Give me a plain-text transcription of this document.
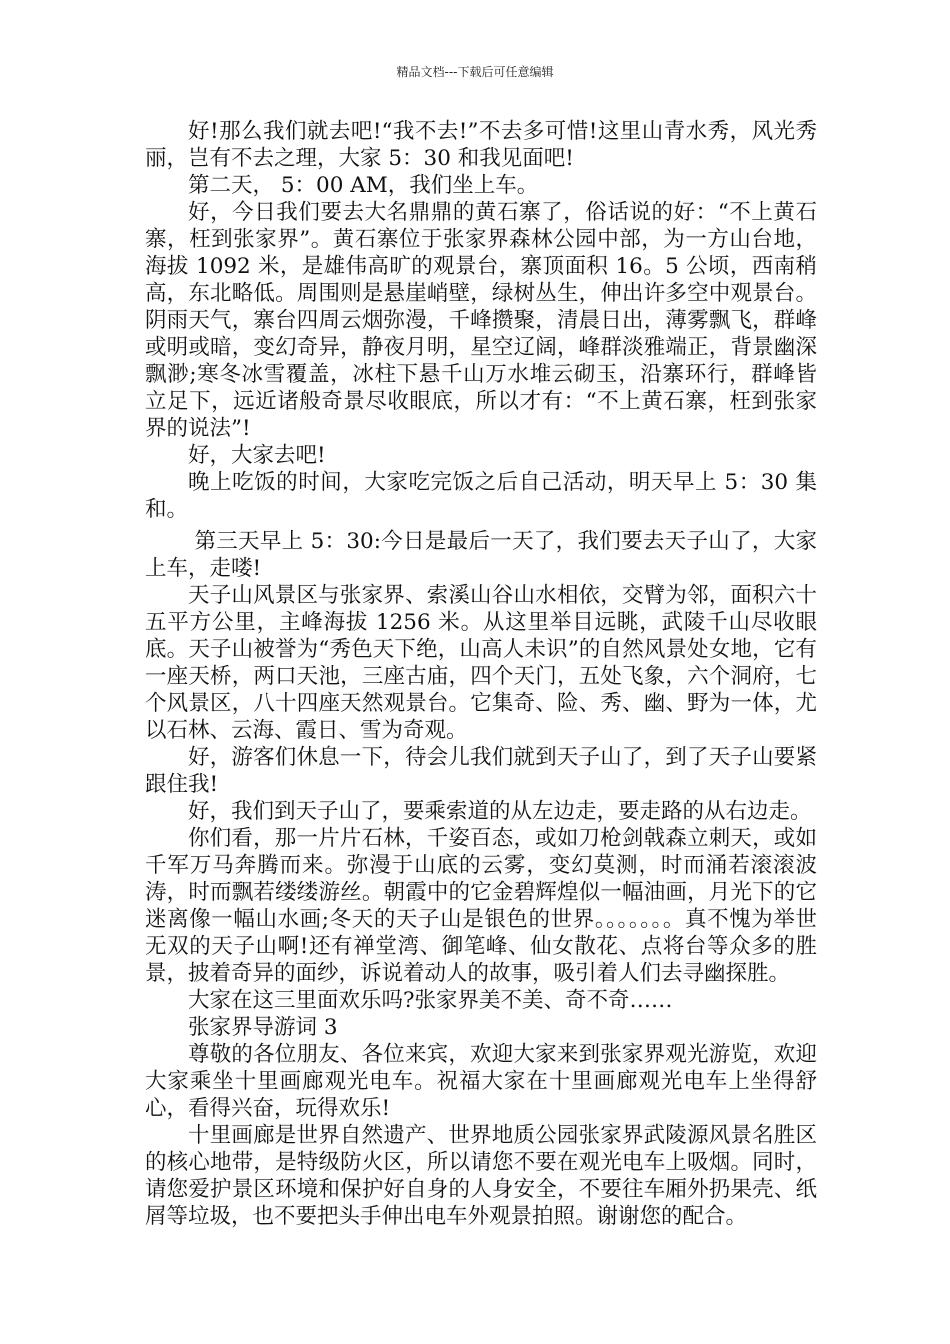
精品文档---下载后可任意编辑

好!那么我们就去吧!“我不去!”不去多可惜!这里山青水秀，风光秀丽，岂有不去之理，大家 5：30 和我见面吧!

第二天， 5：00 AM，我们坐上车。

好，今日我们要去大名鼎鼎的黄石寨了，俗话说的好：“不上黄石寨，枉到张家界”。黄石寨位于张家界森林公园中部，为一方山台地，海拔 1092 米，是雄伟高旷的观景台，寨顶面积 16。5 公顷，西南稍高，东北略低。周围则是悬崖峭壁，绿树丛生，伸出许多空中观景台。阴雨天气，寨台四周云烟弥漫，千峰攒聚，清晨日出，薄雾飘飞，群峰或明或暗，变幻奇异，静夜月明，星空辽阔，峰群淡雅端正，背景幽深飘渺;寒冬冰雪覆盖，冰柱下悬千山万水堆云砌玉，沿寨环行，群峰皆立足下，远近诸般奇景尽收眼底，所以才有：“不上黄石寨，枉到张家界的说法”!

好，大家去吧!

晚上吃饭的时间，大家吃完饭之后自己活动，明天早上 5：30 集和。

第三天早上 5：30:今日是最后一天了，我们要去天子山了，大家上车，走喽!

天子山风景区与张家界、索溪山谷山水相依，交臂为邻，面积六十五平方公里，主峰海拔 1256 米。从这里举目远眺，武陵千山尽收眼底。天子山被誉为“秀色天下绝，山高人未识”的自然风景处女地，它有一座天桥，两口天池，三座古庙，四个天门，五处飞象，六个洞府，七个风景区，八十四座天然观景台。它集奇、险、秀、幽、野为一体，尤以石林、云海、霞日、雪为奇观。

好，游客们休息一下，待会儿我们就到天子山了，到了天子山要紧跟住我!

好，我们到天子山了，要乘索道的从左边走，要走路的从右边走。

你们看，那一片片石林，千姿百态，或如刀枪剑戟森立刺天，或如千军万马奔腾而来。弥漫于山底的云雾，变幻莫测，时而涌若滚滚波涛，时而飘若缕缕游丝。朝霞中的它金碧辉煌似一幅油画，月光下的它迷离像一幅山水画;冬天的天子山是银色的世界。。。。。。。真不愧为举世无双的天子山啊!还有禅堂湾、御笔峰、仙女散花、点将台等众多的胜景，披着奇异的面纱，诉说着动人的故事，吸引着人们去寻幽探胜。

大家在这三里面欢乐吗?张家界美不美、奇不奇……

张家界导游词 3

尊敬的各位朋友、各位来宾，欢迎大家来到张家界观光游览，欢迎大家乘坐十里画廊观光电车。祝福大家在十里画廊观光电车上坐得舒心，看得兴奋，玩得欢乐!

十里画廊是世界自然遗产、世界地质公园张家界武陵源风景名胜区的核心地带，是特级防火区，所以请您不要在观光电车上吸烟。同时，请您爱护景区环境和保护好自身的人身安全，不要往车厢外扔果壳、纸屑等垃圾，也不要把头手伸出电车外观景拍照。谢谢您的配合。
